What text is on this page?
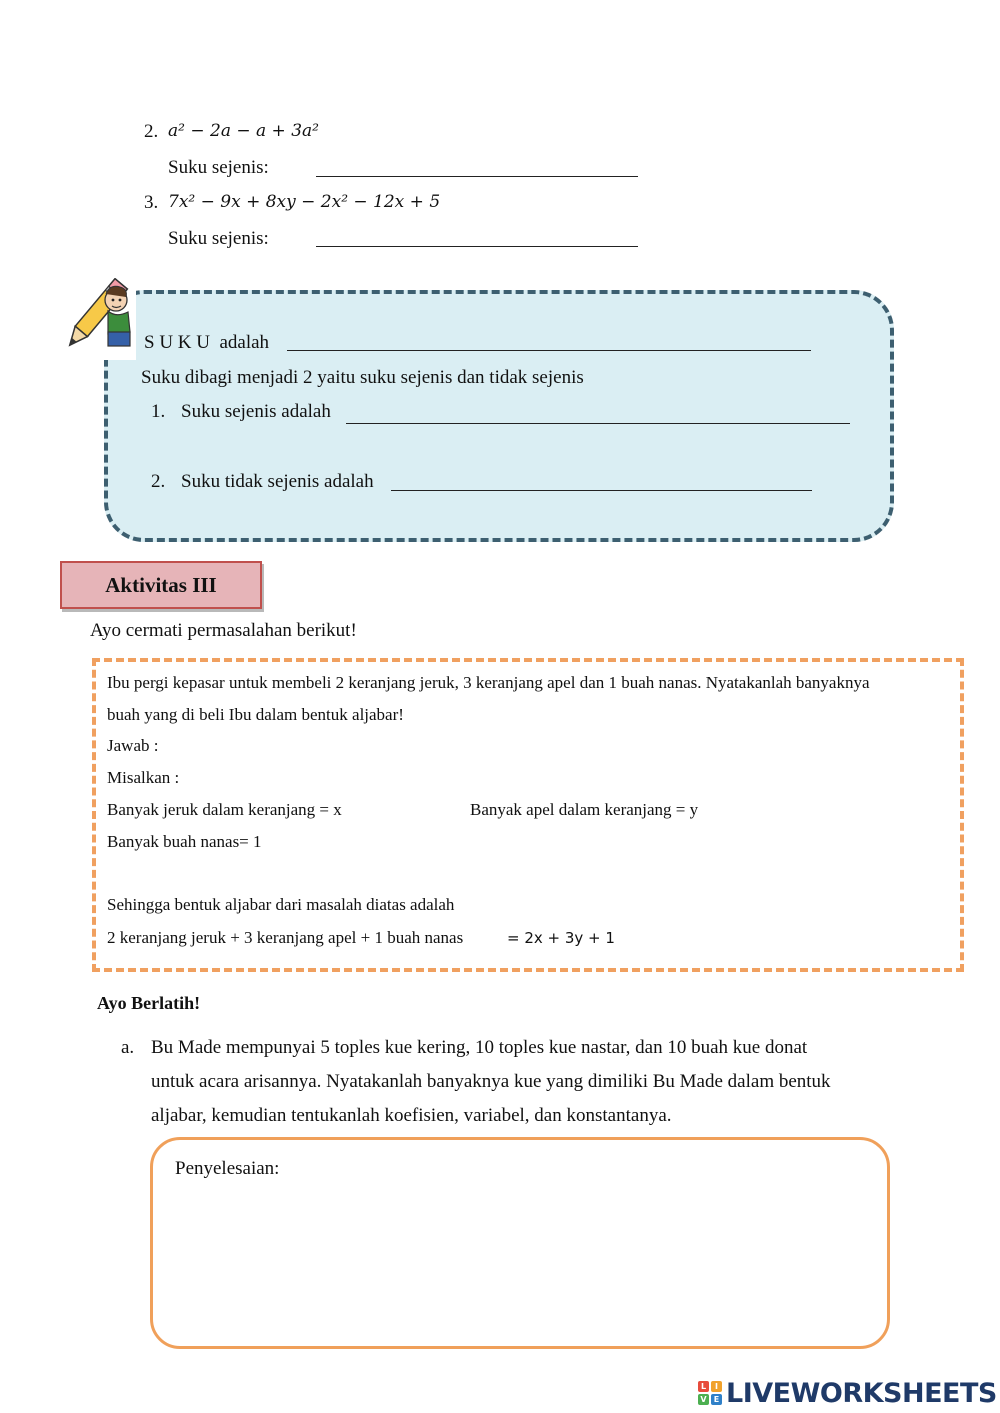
2. a² − 2a − a + 3a²
Suku sejenis:
3. 7x² − 9x + 8xy − 2x² − 12x + 5
Suku sejenis:
S U K U  adalah
Suku dibagi menjadi 2 yaitu suku sejenis dan tidak sejenis
1. Suku sejenis adalah
2. Suku tidak sejenis adalah
Aktivitas III
Ayo cermati permasalahan berikut!
Ibu pergi kepasar untuk membeli 2 keranjang jeruk, 3 keranjang apel dan 1 buah nanas. Nyatakanlah banyaknya
buah yang di beli Ibu dalam bentuk aljabar!
Jawab :
Misalkan :
Banyak jeruk dalam keranjang = x	Banyak apel dalam keranjang = y
Banyak buah nanas= 1
Sehingga bentuk aljabar dari masalah diatas adalah
2 keranjang jeruk + 3 keranjang apel + 1 buah nanas	= 2x + 3y + 1
Ayo Berlatih!
a. Bu Made mempunyai 5 toples kue kering, 10 toples kue nastar, dan 10 buah kue donat
untuk acara arisannya. Nyatakanlah banyaknya kue yang dimiliki Bu Made dalam bentuk
aljabar, kemudian tentukanlah koefisien, variabel, dan konstantanya.
Penyelesaian:
L	I
V E LIVEWORKSHEETS
